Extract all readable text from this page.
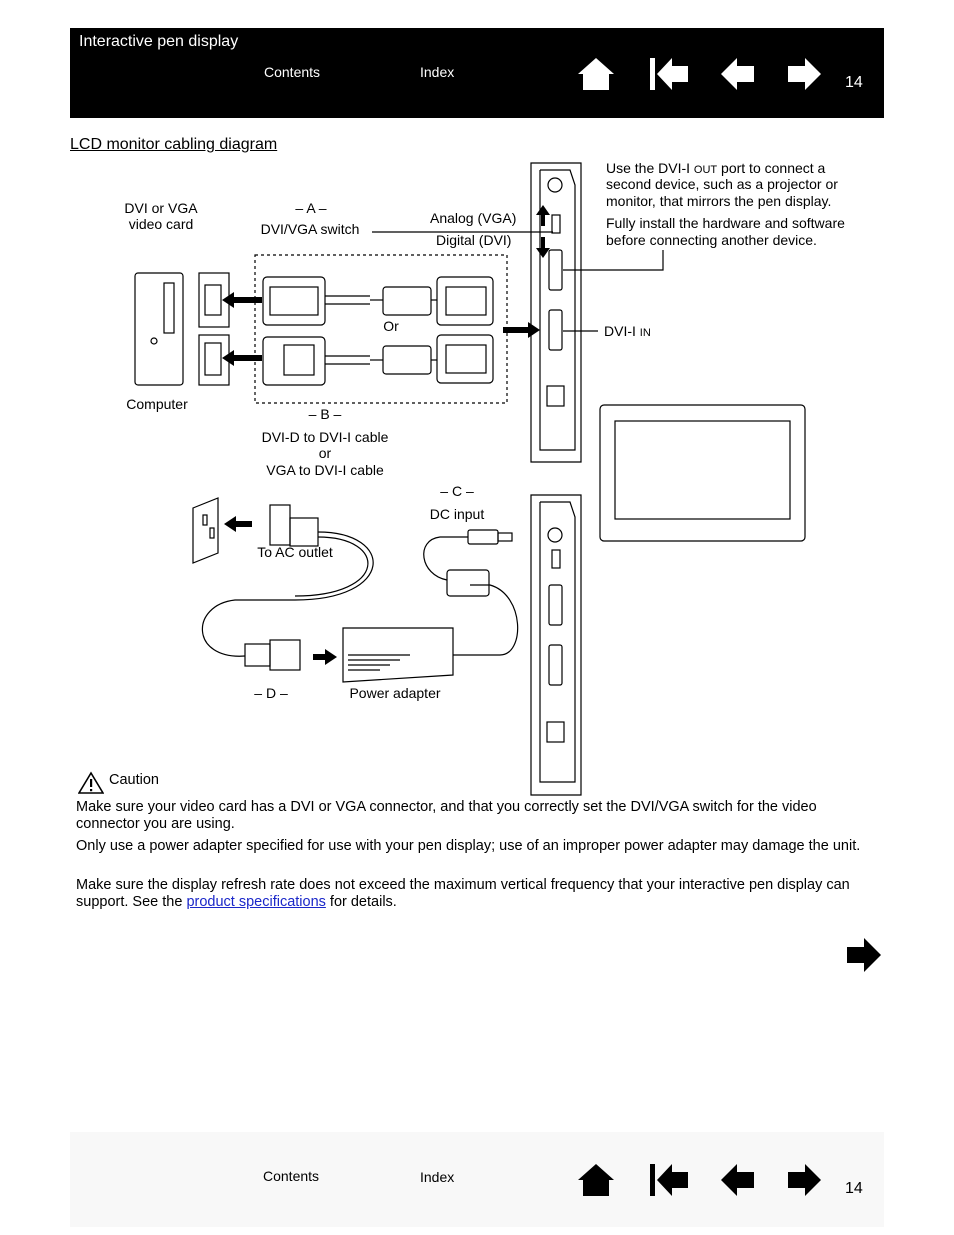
Interactive pen display
Contents	Index
14
LCD monitor cabling diagram
DVI or VGA
video card
– A –
DVI/VGA switch
Analog (VGA)
Digital (DVI)
Use the DVI-I OUT port to connect a
second device, such as a projector or
monitor, that mirrors the pen display.
Fully install the hardware and software
before connecting another device.
Or	DVI-I IN
Computer
– B –
DVI-D to DVI-I cable
or
VGA to DVI-I cable
– C –
DC input
To AC outlet
– D –	Power adapter
Caution
Make sure your video card has a DVI or VGA connector, and that you correctly set the DVI/VGA switch for the video connector you are using.
Only use a power adapter specified for use with your pen display; use of an improper power adapter may damage the unit.
Make sure the display refresh rate does not exceed the maximum vertical frequency that your interactive pen display can support. See the product specifications for details.
Contents	Index
14
